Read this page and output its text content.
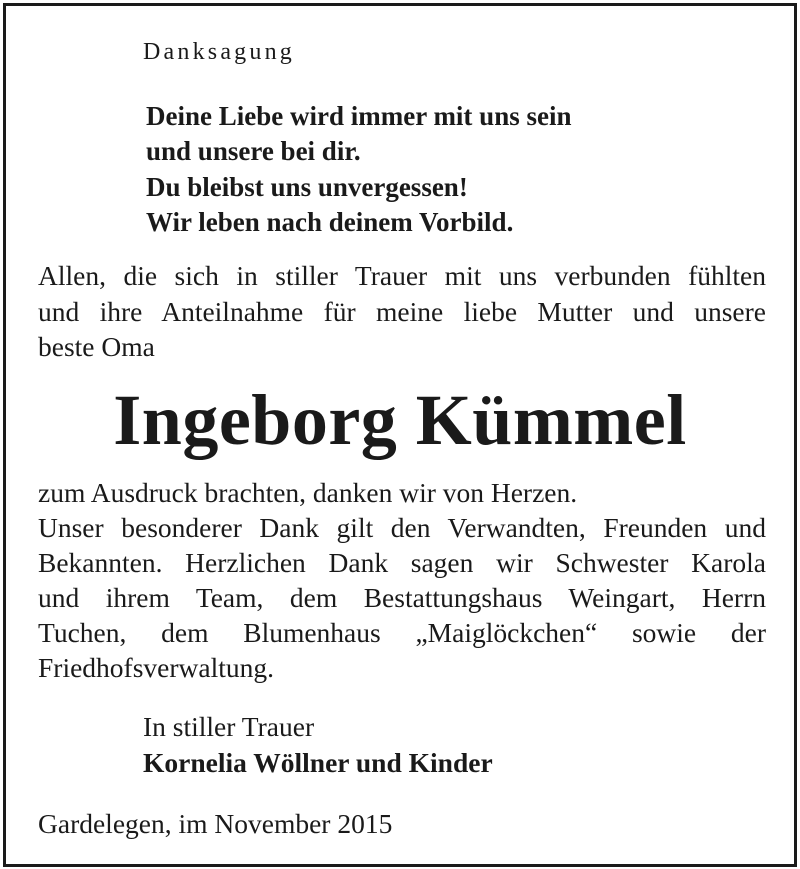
Danksagung
Deine Liebe wird immer mit uns sein
und unsere bei dir.
Du bleibst uns unvergessen!
Wir leben nach deinem Vorbild.
Allen, die sich in stiller Trauer mit uns verbunden fühlten
und ihre Anteilnahme für meine liebe Mutter und unsere
beste Oma
Ingeborg Kümmel
zum Ausdruck brachten, danken wir von Herzen.
Unser besonderer Dank gilt den Verwandten, Freunden und
Bekannten. Herzlichen Dank sagen wir Schwester Karola
und ihrem Team, dem Bestattungshaus Weingart, Herrn
Tuchen, dem Blumenhaus „Maiglöckchen“ sowie der
Friedhofsverwaltung.
In stiller Trauer
Kornelia Wöllner und Kinder
Gardelegen, im November 2015
